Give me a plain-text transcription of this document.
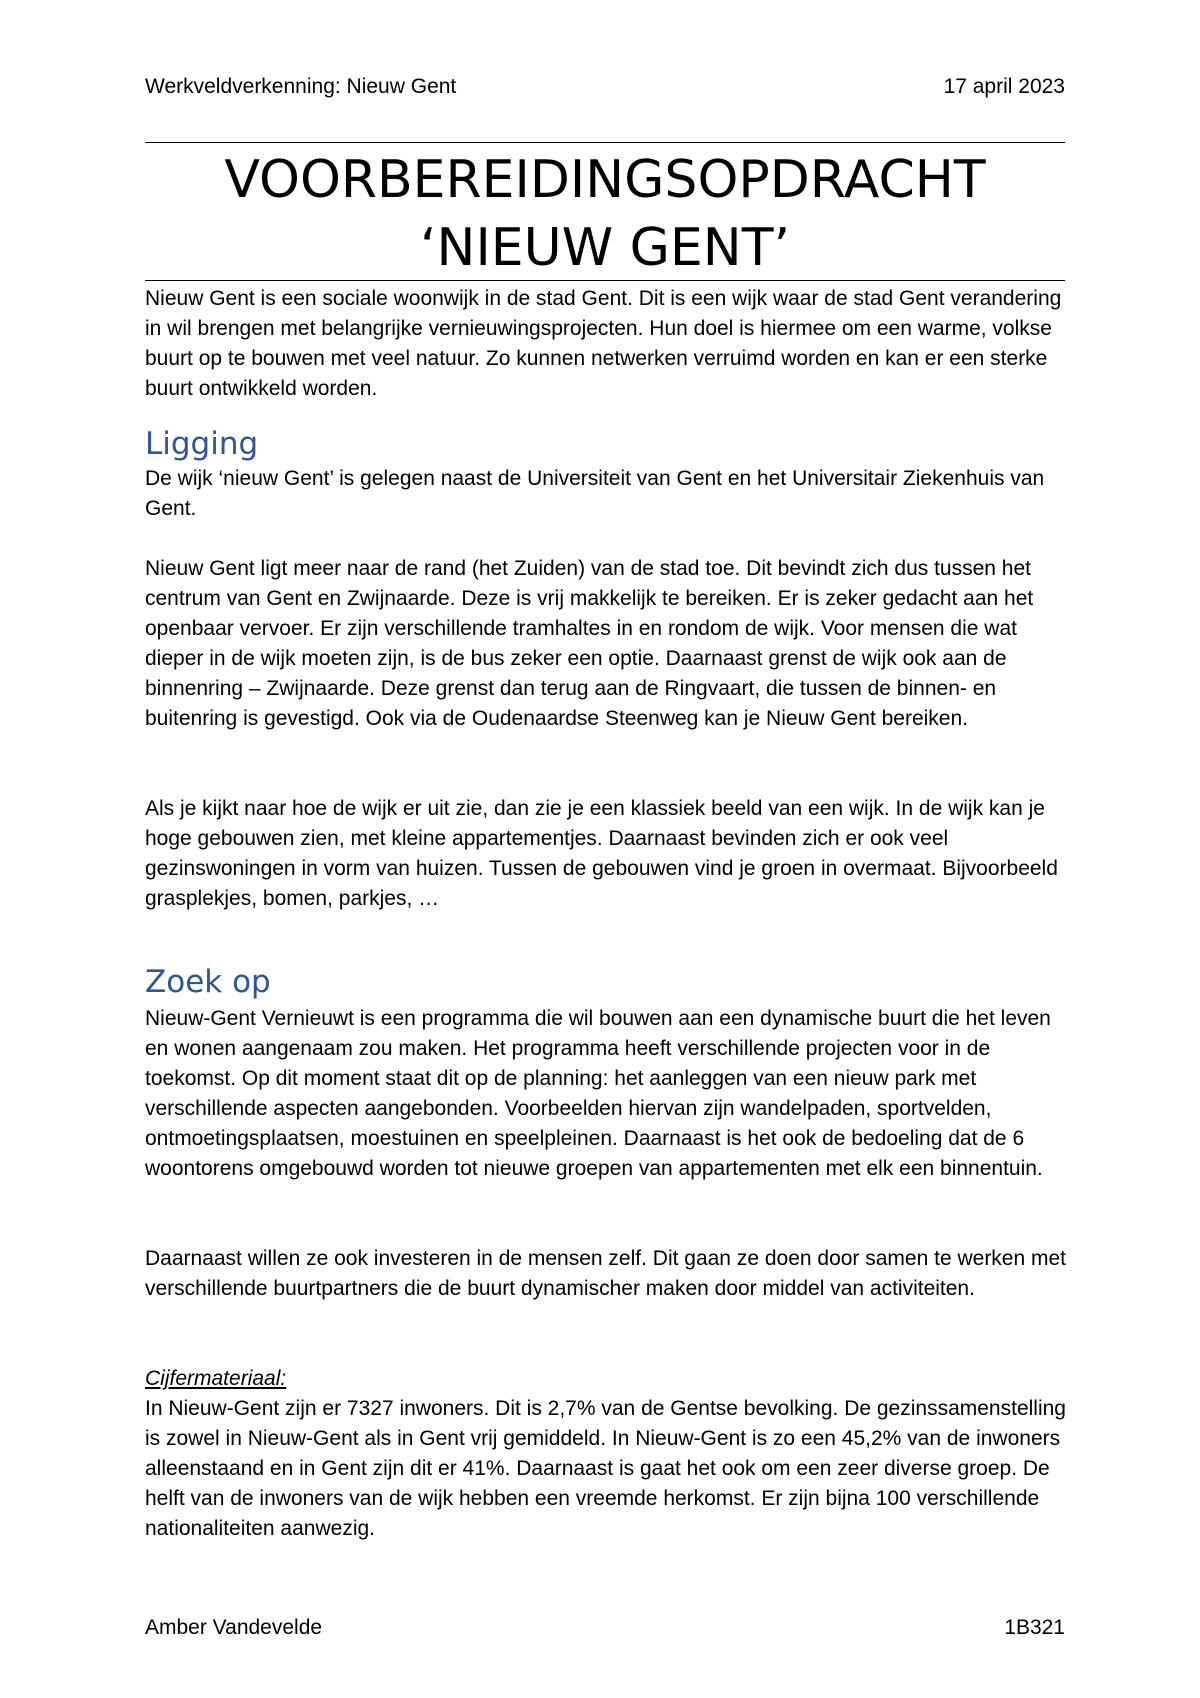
Werkveldverkenning: Nieuw Gent	17 april 2023
VOORBEREIDINGSOPDRACHT
‘NIEUW GENT’

Nieuw Gent is een sociale woonwijk in de stad Gent. Dit is een wijk waar de stad Gent verandering in wil brengen met belangrijke vernieuwingsprojecten. Hun doel is hiermee om een warme, volkse buurt op te bouwen met veel natuur. Zo kunnen netwerken verruimd worden en kan er een sterke buurt ontwikkeld worden.

Ligging

De wijk ‘nieuw Gent’ is gelegen naast de Universiteit van Gent en het Universitair Ziekenhuis van Gent.

Nieuw Gent ligt meer naar de rand (het Zuiden) van de stad toe. Dit bevindt zich dus tussen het centrum van Gent en Zwijnaarde. Deze is vrij makkelijk te bereiken. Er is zeker gedacht aan het openbaar vervoer. Er zijn verschillende tramhaltes in en rondom de wijk. Voor mensen die wat dieper in de wijk moeten zijn, is de bus zeker een optie. Daarnaast grenst de wijk ook aan de binnenring – Zwijnaarde. Deze grenst dan terug aan de Ringvaart, die tussen de binnen- en buitenring is gevestigd. Ook via de Oudenaardse Steenweg kan je Nieuw Gent bereiken.

Als je kijkt naar hoe de wijk er uit zie, dan zie je een klassiek beeld van een wijk. In de wijk kan je hoge gebouwen zien, met kleine appartementjes. Daarnaast bevinden zich er ook veel gezinswoningen in vorm van huizen. Tussen de gebouwen vind je groen in overmaat. Bijvoorbeeld grasplekjes, bomen, parkjes, …

Zoek op

Nieuw-Gent Vernieuwt is een programma die wil bouwen aan een dynamische buurt die het leven en wonen aangenaam zou maken. Het programma heeft verschillende projecten voor in de toekomst. Op dit moment staat dit op de planning: het aanleggen van een nieuw park met verschillende aspecten aangebonden. Voorbeelden hiervan zijn wandelpaden, sportvelden, ontmoetingsplaatsen, moestuinen en speelpleinen. Daarnaast is het ook de bedoeling dat de 6 woontorens omgebouwd worden tot nieuwe groepen van appartementen met elk een binnentuin.

Daarnaast willen ze ook investeren in de mensen zelf. Dit gaan ze doen door samen te werken met verschillende buurtpartners die de buurt dynamischer maken door middel van activiteiten.

Cijfermateriaal:

In Nieuw-Gent zijn er 7327 inwoners. Dit is 2,7% van de Gentse bevolking. De gezinssamenstelling is zowel in Nieuw-Gent als in Gent vrij gemiddeld. In Nieuw-Gent is zo een 45,2% van de inwoners alleenstaand en in Gent zijn dit er 41%. Daarnaast is gaat het ook om een zeer diverse groep. De helft van de inwoners van de wijk hebben een vreemde herkomst. Er zijn bijna 100 verschillende nationaliteiten aanwezig.

Amber Vandevelde	1B321
